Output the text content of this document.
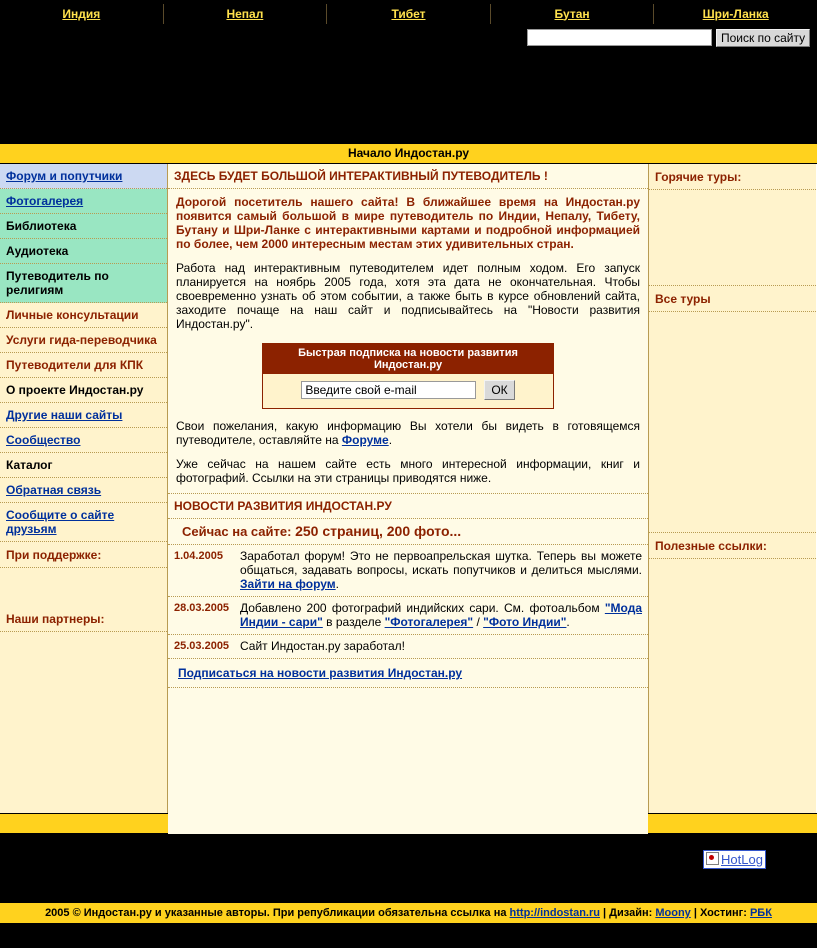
Индия	Непал	Тибет	Бутан	Шри-Ланка
Поиск по сайту
Начало Индостан.ру
Форум и попутчики
Фотогалерея
Библиотека
Аудиотека
Путеводитель по религиям
Личные консультации
Услуги гида-переводчика
Путеводители для КПК
О проекте Индостан.ру
Другие наши сайты
Сообщество
Каталог
Обратная связь
Сообщите о сайте друзьям
При поддержке:
Наши партнеры:
ЗДЕСЬ БУДЕТ БОЛЬШОЙ ИНТЕРАКТИВНЫЙ ПУТЕВОДИТЕЛЬ !
Дорогой посетитель нашего сайта! В ближайшее время на Индостан.ру появится самый большой в мире путеводитель по Индии, Непалу, Тибету, Бутану и Шри-Ланке с интерактивными картами и подробной информацией по более, чем 2000 интересным местам этих удивительных стран.
Работа над интерактивным путеводителем идет полным ходом. Его запуск планируется на ноябрь 2005 года, хотя эта дата не окончательная. Чтобы своевременно узнать об этом событии, а также быть в курсе обновлений сайта, заходите почаще на наш сайт и подписывайтесь на "Новости развития Индостан.ру".
Быстрая подписка на новости развития Индостан.ру
Введите свой e-mail
ОК
Свои пожелания, какую информацию Вы хотели бы видеть в готовящемся путеводителе, оставляйте на Форуме.
Уже сейчас на нашем сайте есть много интересной информации, книг и фотографий. Ссылки на эти страницы приводятся ниже.
НОВОСТИ РАЗВИТИЯ ИНДОСТАН.РУ
Сейчас на сайте: 250 страниц, 200 фото...
1.04.2005	Заработал форум! Это не первоапрельская шутка. Теперь вы можете общаться, задавать вопросы, искать попутчиков и делиться мыслями. Зайти на форум.
28.03.2005 Добавлено 200 фотографий индийских сари. См. фотоальбом "Мода Индии - сари" в разделе "Фотогалерея" / "Фото Индии".
25.03.2005 Сайт Индостан.ру заработал!
Подписаться на новости развития Индостан.ру
Горячие туры:
Все туры
Полезные ссылки:
HotLog
2005 © Индостан.ру и указанные авторы. При републикации обязательна ссылка на http://indostan.ru | Дизайн: Moony | Хостинг: РБК
